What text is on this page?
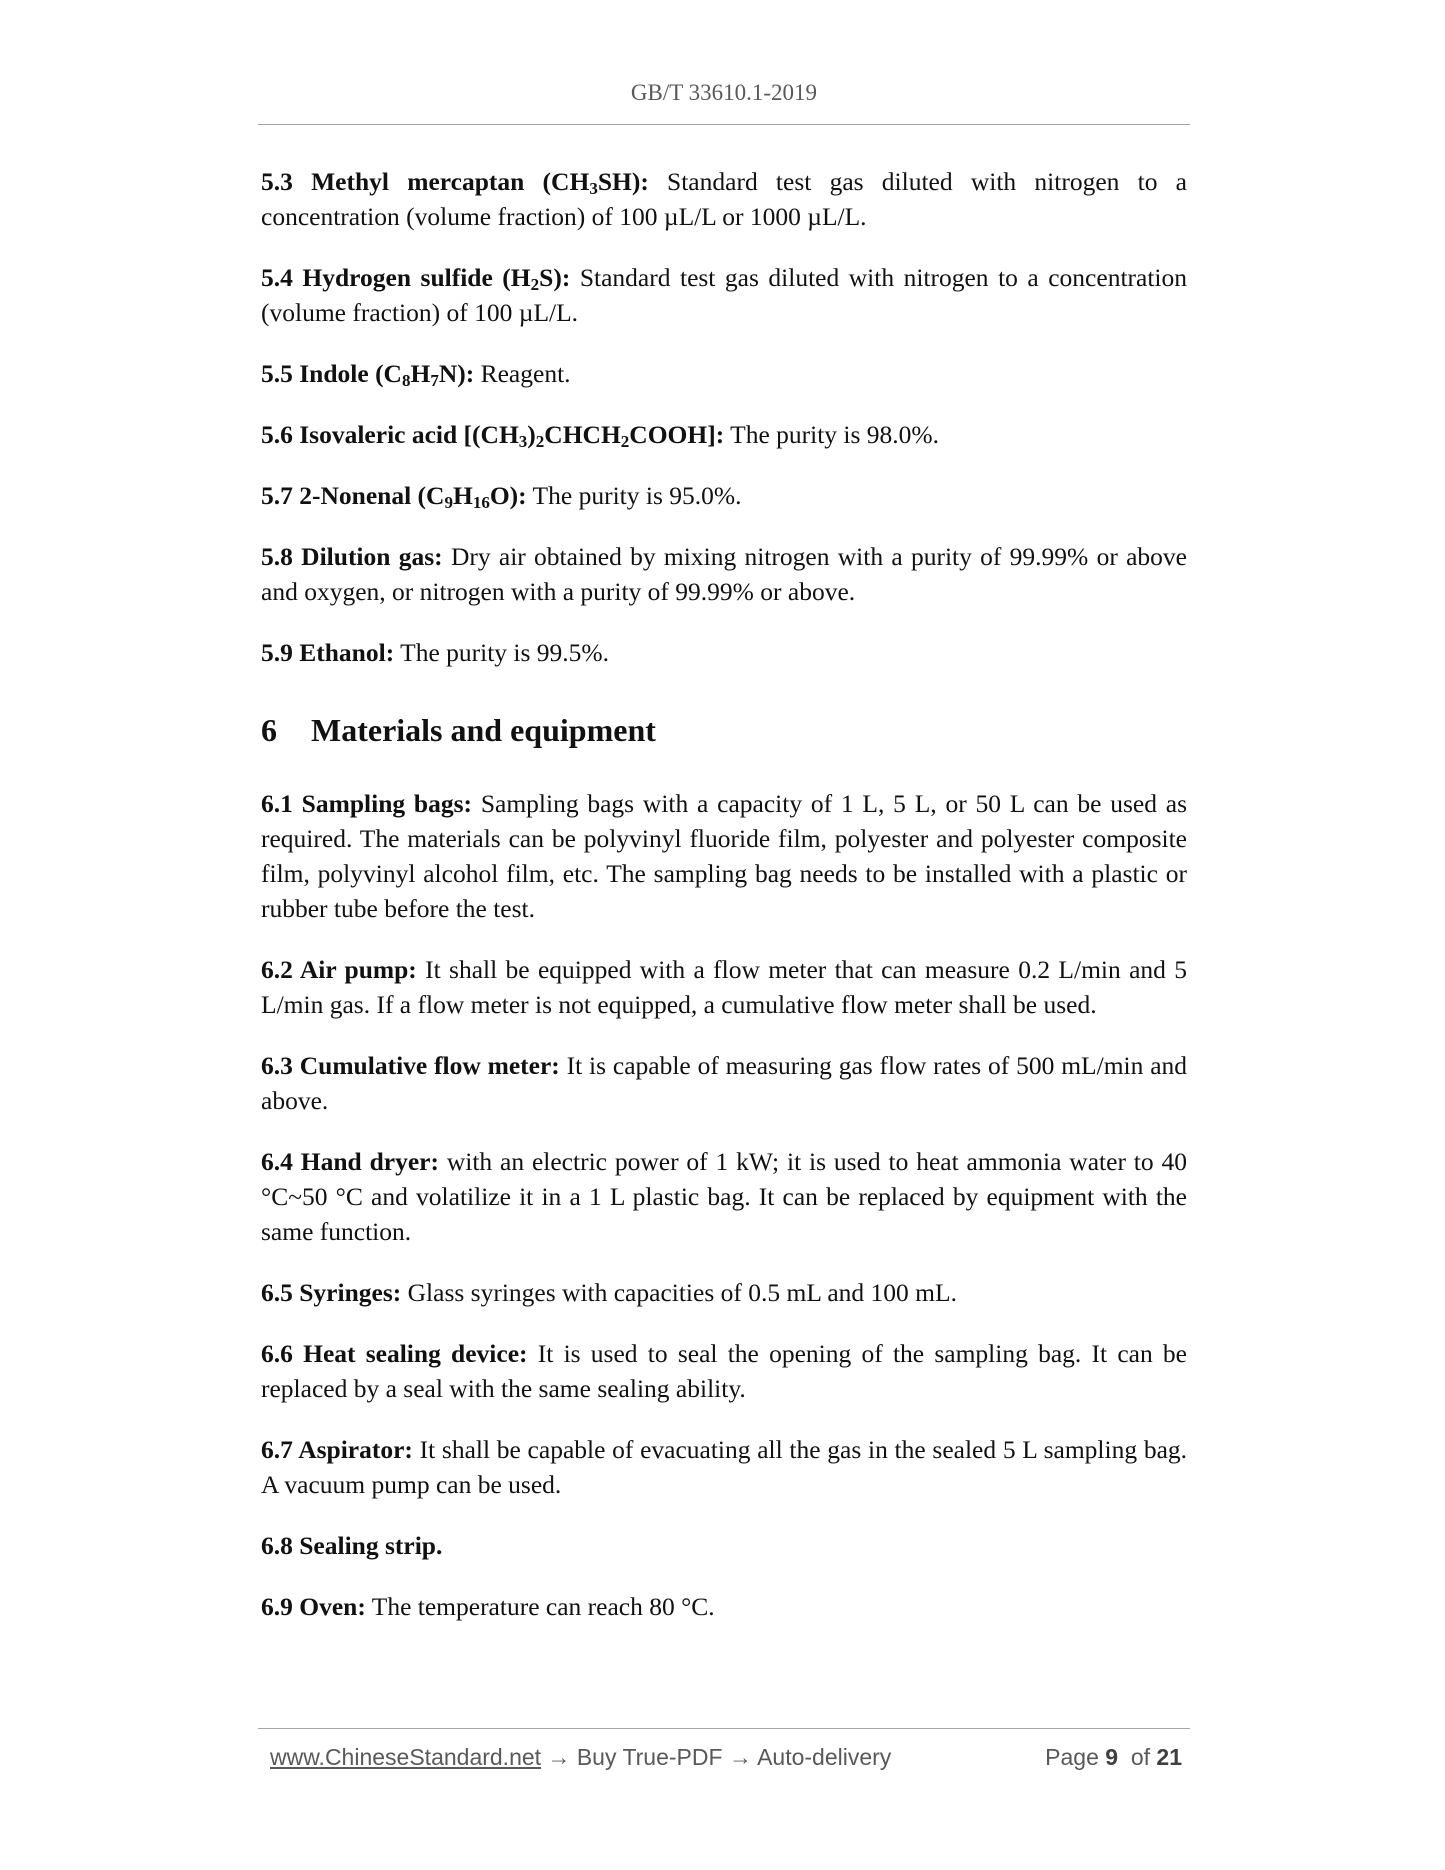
GB/T 33610.1-2019

5.3 Methyl mercaptan $(CH_3SH)$: Standard test gas diluted with nitrogen to a concentration (volume fraction) of 100 µL/L or 1000 µL/L.

5.4 Hydrogen sulfide $(H_2S)$: Standard test gas diluted with nitrogen to a concentration (volume fraction) of 100 µL/L.

5.5 Indole $(C_8H_7N)$: Reagent.

5.6 Isovaleric acid $[(CH_3)_2CHCH_2COOH]$: The purity is 98.0%.

5.7 2-Nonenal $(C_9H_{16}O)$: The purity is 95.0%.

5.8 Dilution gas: Dry air obtained by mixing nitrogen with a purity of 99.99% or above and oxygen, or nitrogen with a purity of 99.99% or above.

5.9 Ethanol: The purity is 99.5%.

6 Materials and equipment

6.1 Sampling bags: Sampling bags with a capacity of 1 L, 5 L, or 50 L can be used as required. The materials can be polyvinyl fluoride film, polyester and polyester composite film, polyvinyl alcohol film, etc. The sampling bag needs to be installed with a plastic or rubber tube before the test.

6.2 Air pump: It shall be equipped with a flow meter that can measure 0.2 L/min and 5 L/min gas. If a flow meter is not equipped, a cumulative flow meter shall be used.

6.3 Cumulative flow meter: It is capable of measuring gas flow rates of 500 mL/min and above.

6.4 Hand dryer: with an electric power of 1 kW; it is used to heat ammonia water to 40 °C~50 °C and volatilize it in a 1 L plastic bag. It can be replaced by equipment with the same function.

6.5 Syringes: Glass syringes with capacities of 0.5 mL and 100 mL.

6.6 Heat sealing device: It is used to seal the opening of the sampling bag. It can be replaced by a seal with the same sealing ability.

6.7 Aspirator: It shall be capable of evacuating all the gas in the sealed 5 L sampling bag. A vacuum pump can be used.

6.8 Sealing strip.

6.9 Oven: The temperature can reach 80 °C.

www.ChineseStandard.net → Buy True-PDF → Auto-delivery	Page 9 of 21
